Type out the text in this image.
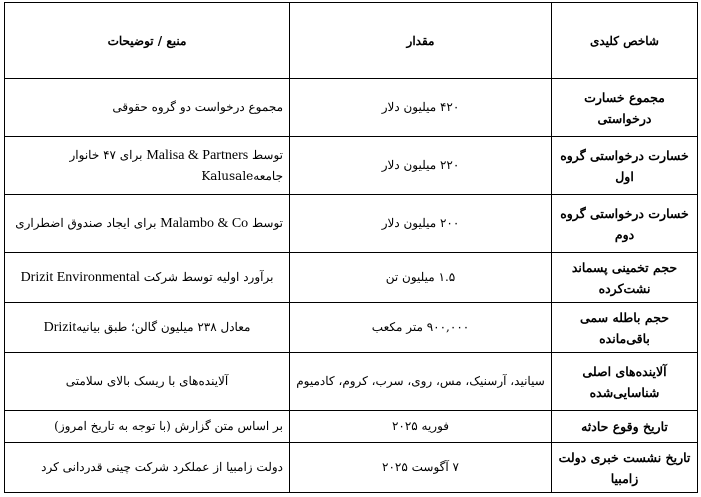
شاخص کلیدی	مقدار	منبع / توضیحات
مجموع خسارت درخواستی	۴۲۰ میلیون دلار	مجموع درخواست دو گروه حقوقی
خسارت درخواستی گروه اول	۲۲۰ میلیون دلار	توسط Malisa & Partners برای ۴۷ خانوار جامعهKalusale
خسارت درخواستی گروه دوم	۲۰۰ میلیون دلار	توسط Malambo & Co برای ایجاد صندوق اضطراری
حجم تخمینی پسماند نشت‌کرده	۱.۵ میلیون تن	برآورد اولیه توسط شرکت Drizit Environmental
حجم باطله سمی باقی‌مانده	۹۰۰,۰۰۰ متر مکعب	معادل ۲۳۸ میلیون گالن؛ طبق بیانیهDrizit
آلاینده‌های اصلی شناسایی‌شده	سیانید، آرسنیک، مس، روی، سرب، کروم، کادمیوم	آلاینده‌های با ریسک بالای سلامتی
تاریخ وقوع حادثه	فوریه ۲۰۲۵	بر اساس متن گزارش (با توجه به تاریخ امروز)
تاریخ نشست خبری دولت زامبیا	۷ آگوست ۲۰۲۵	دولت زامبیا از عملکرد شرکت چینی قدردانی کرد
